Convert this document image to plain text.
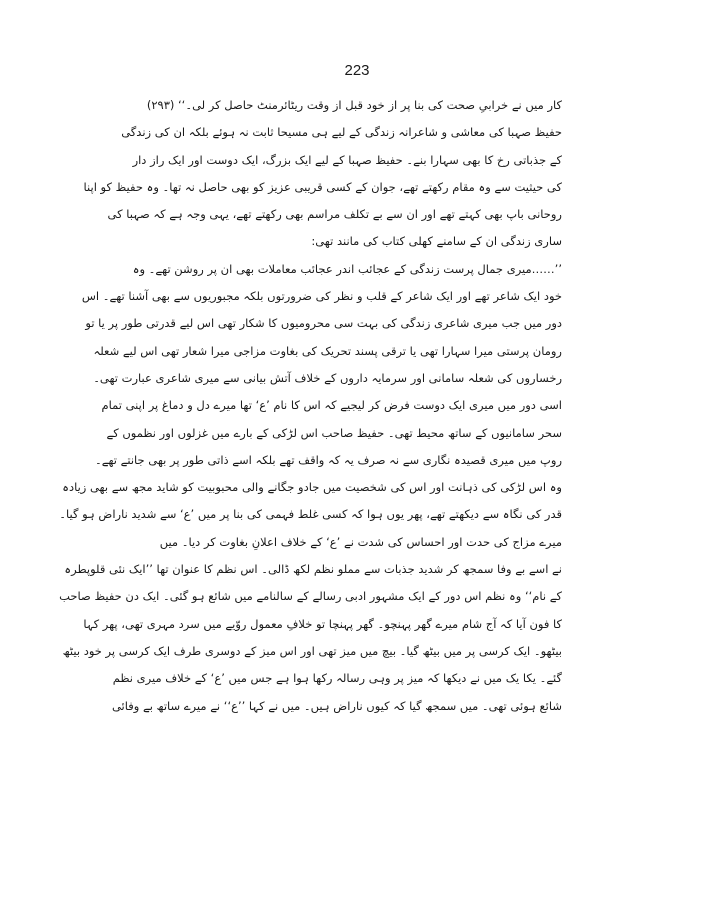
223
کار میں نے خرابیِ صحت کی بنا پر از خود قبل از وقت ریٹائرمنٹ حاصل کر لی۔‘‘ (۲۹۳)
حفیظ صہبا کی معاشی و شاعرانہ زندگی کے لیے ہی مسیحا ثابت نہ ہوئے بلکہ ان کی زندگی
کے جذباتی رخ کا بھی سہارا بنے۔ حفیظ صہبا کے لیے ایک بزرگ، ایک دوست اور ایک راز دار
کی حیثیت سے وہ مقام رکھتے تھے، جوان کے کسی قریبی عزیز کو بھی حاصل نہ تھا۔ وہ حفیظ کو اپنا
روحانی باپ بھی کہتے تھے اور ان سے بے تکلف مراسم بھی رکھتے تھے، یہی وجہ ہے کہ صہبا کی
ساری زندگی ان کے سامنے کھلی کتاب کی مانند تھی:
’’……میری جمال پرست زندگی کے عجائب اندر عجائب معاملات بھی ان پر روشن تھے۔ وہ
خود ایک شاعر تھے اور ایک شاعر کے قلب و نظر کی ضرورتوں بلکہ مجبوریوں سے بھی آشنا تھے۔ اس
دور میں جب میری شاعری زندگی کی بہت سی محرومیوں کا شکار تھی اس لیے قدرتی طور پر یا تو
رومان پرستی میرا سہارا تھی یا ترقی پسند تحریک کی بغاوت مزاجی میرا شعار تھی اس لیے شعلہ
رخساروں کی شعلہ سامانی اور سرمایہ داروں کے خلاف آتش بیانی سے میری شاعری عبارت تھی۔
اسی دور میں میری ایک دوست فرض کر لیجیے کہ اس کا نام ’ع‘ تھا میرے دل و دماغ پر اپنی تمام
سحر سامانیوں کے ساتھ محیط تھی۔ حفیظ صاحب اس لڑکی کے بارے میں غزلوں اور نظموں کے
روپ میں میری قصیدہ نگاری سے نہ صرف یہ کہ واقف تھے بلکہ اسے ذاتی طور پر بھی جانتے تھے۔
وہ اس لڑکی کی ذہانت اور اس کی شخصیت میں جادو جگانے والی محبوبیت کو شاید مجھ سے بھی زیادہ
قدر کی نگاہ سے دیکھتے تھے، پھر یوں ہوا کہ کسی غلط فہمی کی بنا پر میں ’ع‘ سے شدید ناراض ہو گیا۔
میرے مزاج کی حدت اور احساس کی شدت نے ’ع‘ کے خلاف اعلانِ بغاوت کر دیا۔ میں
نے اسے بے وفا سمجھ کر شدید جذبات سے مملو نظم لکھ ڈالی۔ اس نظم کا عنوان تھا ’’ایک نئی قلوپطرہ
کے نام‘‘ وہ نظم اس دور کے ایک مشہور ادبی رسالے کے سالنامے میں شائع ہو گئی۔ ایک دن حفیظ صاحب
کا فون آیا کہ آج شام میرے گھر پہنچو۔ گھر پہنچا تو خلافِ معمول روّیے میں سرد مہری تھی، پھر کہا
بیٹھو۔ ایک کرسی پر میں بیٹھ گیا۔ بیچ میں میز تھی اور اس میز کے دوسری طرف ایک کرسی پر خود بیٹھ
گئے۔ یکا یک میں نے دیکھا کہ میز پر وہی رسالہ رکھا ہوا ہے جس میں ’ع‘ کے خلاف میری نظم
شائع ہوئی تھی۔ میں سمجھ گیا کہ کیوں ناراض ہیں۔ میں نے کہا ’’ع‘‘ نے میرے ساتھ بے وفائی
